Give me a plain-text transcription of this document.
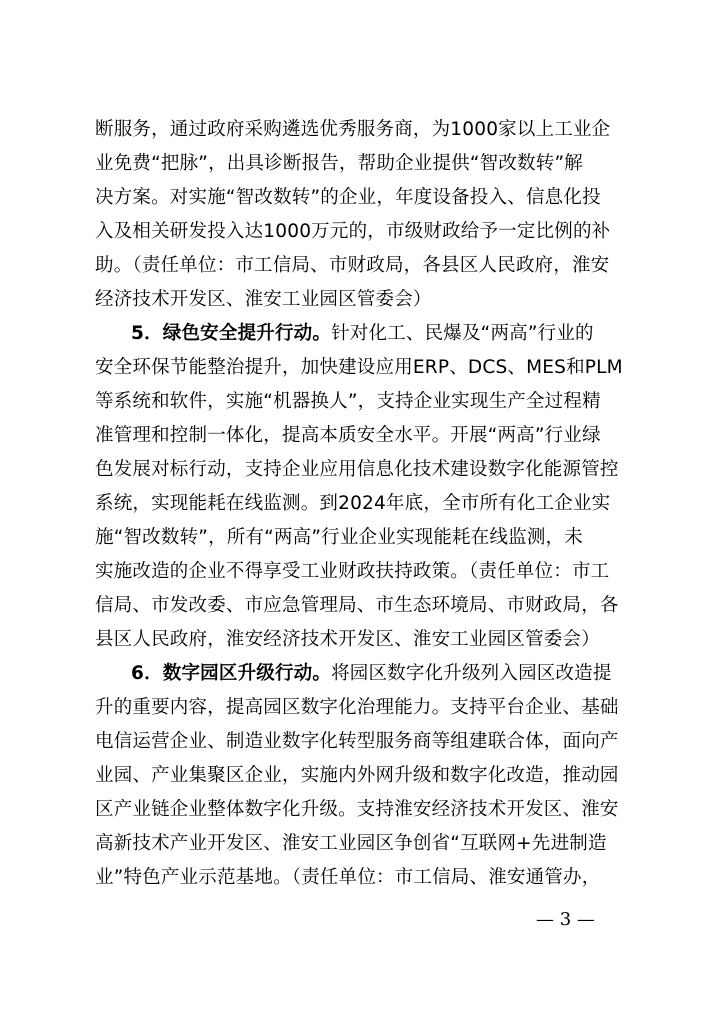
断服务，通过政府采购遴选优秀服务商，为1000家以上工业企
业免费“把脉”，出具诊断报告，帮助企业提供“智改数转”解
决方案。对实施“智改数转”的企业，年度设备投入、信息化投
入及相关研发投入达1000万元的，市级财政给予一定比例的补
助。（责任单位：市工信局、市财政局，各县区人民政府，淮安
经济技术开发区、淮安工业园区管委会）
5．绿色安全提升行动。针对化工、民爆及“两高”行业的
安全环保节能整治提升，加快建设应用ERP、DCS、MES和PLM
等系统和软件，实施“机器换人”，支持企业实现生产全过程精
准管理和控制一体化，提高本质安全水平。开展“两高”行业绿
色发展对标行动，支持企业应用信息化技术建设数字化能源管控
系统，实现能耗在线监测。到2024年底，全市所有化工企业实
施“智改数转”，所有“两高”行业企业实现能耗在线监测，未
实施改造的企业不得享受工业财政扶持政策。（责任单位：市工
信局、市发改委、市应急管理局、市生态环境局、市财政局，各
县区人民政府，淮安经济技术开发区、淮安工业园区管委会）
6．数字园区升级行动。将园区数字化升级列入园区改造提
升的重要内容，提高园区数字化治理能力。支持平台企业、基础
电信运营企业、制造业数字化转型服务商等组建联合体，面向产
业园、产业集聚区企业，实施内外网升级和数字化改造，推动园
区产业链企业整体数字化升级。支持淮安经济技术开发区、淮安
高新技术产业开发区、淮安工业园区争创省“互联网+先进制造
业”特色产业示范基地。（责任单位：市工信局、淮安通管办，
— 3 —
